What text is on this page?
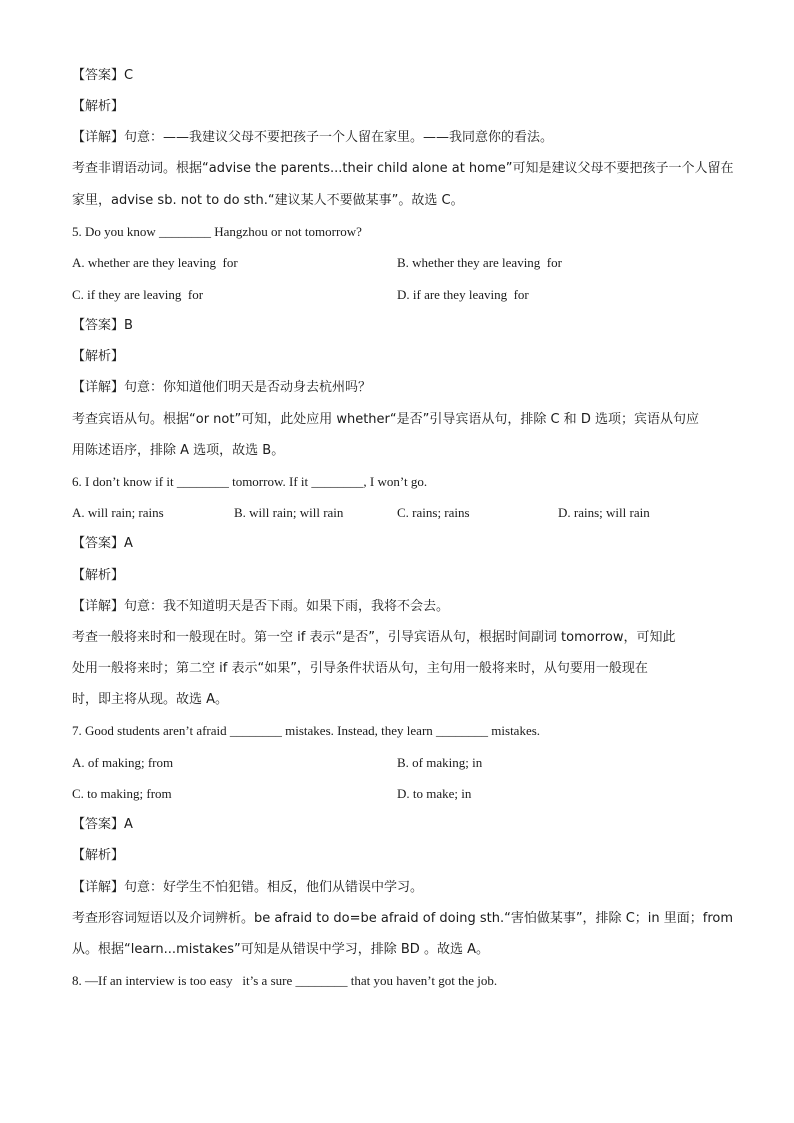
【答案】C
【解析】
【详解】句意：——我建议父母不要把孩子一个人留在家里。——我同意你的看法。
考查非谓语动词。根据“advise the parents...their child alone at home”可知是建议父母不要把孩子一个人留在
家里，advise sb. not to do sth.“建议某人不要做某事”。故选 C。
5. Do you know ________ Hangzhou or not tomorrow?
A. whether are they leaving  for	B. whether they are leaving  for
C. if they are leaving  for	D. if are they leaving  for
【答案】B
【解析】
【详解】句意：你知道他们明天是否动身去杭州吗？
考查宾语从句。根据“or not”可知，此处应用 whether“是否”引导宾语从句，排除 C 和 D 选项；宾语从句应
用陈述语序，排除 A 选项，故选 B。
6. I don’t know if it ________ tomorrow. If it ________, I won’t go.
A. will rain; rains	B. will rain; will rain	C. rains; rains	D. rains; will rain
【答案】A
【解析】
【详解】句意：我不知道明天是否下雨。如果下雨，我将不会去。
考查一般将来时和一般现在时。第一空 if 表示“是否”，引导宾语从句，根据时间副词 tomorrow，可知此
处用一般将来时；第二空 if 表示“如果”，引导条件状语从句，主句用一般将来时，从句要用一般现在
时，即主将从现。故选 A。
7. Good students aren’t afraid ________ mistakes. Instead, they learn ________ mistakes.
A. of making; from	B. of making; in
C. to making; from	D. to make; in
【答案】A
【解析】
【详解】句意：好学生不怕犯错。相反，他们从错误中学习。
考查形容词短语以及介词辨析。be afraid to do=be afraid of doing sth.“害怕做某事”，排除 C；in 里面；from
从。根据“learn...mistakes”可知是从错误中学习，排除 BD 。故选 A。
8. —If an interview is too easy   it’s a sure ________ that you haven’t got the job.
